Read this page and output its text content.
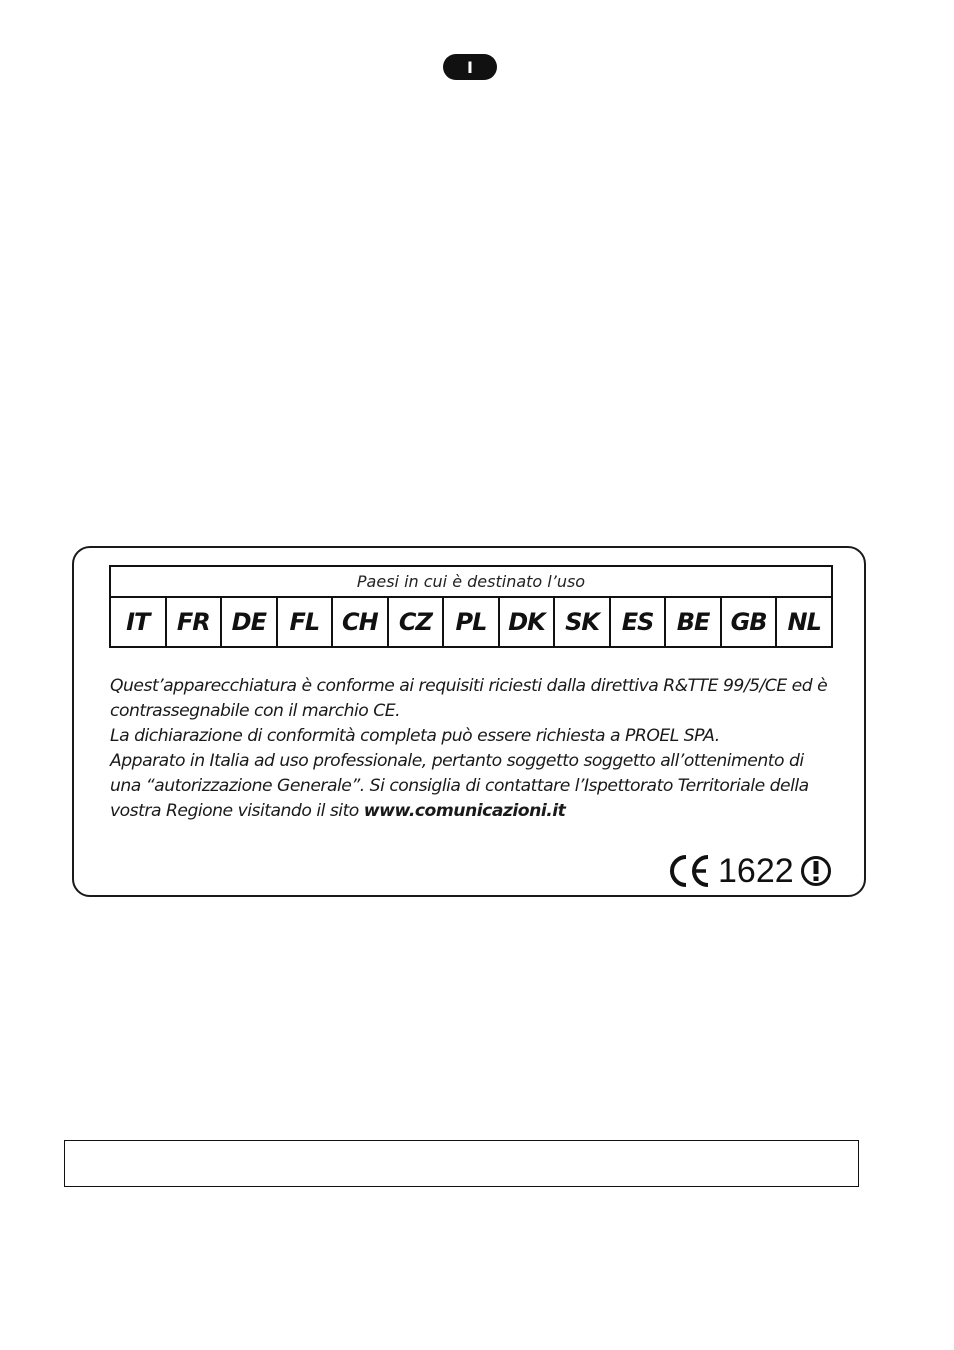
I
Paesi in cui è destinato l’uso
IT	FR	DE	FL	CH	CZ	PL	DK	SK	ES	BE	GB	NL

Quest’apparecchiatura è conforme ai requisiti riciesti dalla direttiva R&TTE 99/5/CE ed è contrassegnabile con il marchio CE.

La dichiarazione di conformità completa può essere richiesta a PROEL SPA.

Apparato in Italia ad uso professionale, pertanto soggetto soggetto all’ottenimento di una “autorizzazione Generale”. Si consiglia di contattare l’Ispettorato Territoriale della vostra Regione visitando il sito www.comunicazioni.it

1622
